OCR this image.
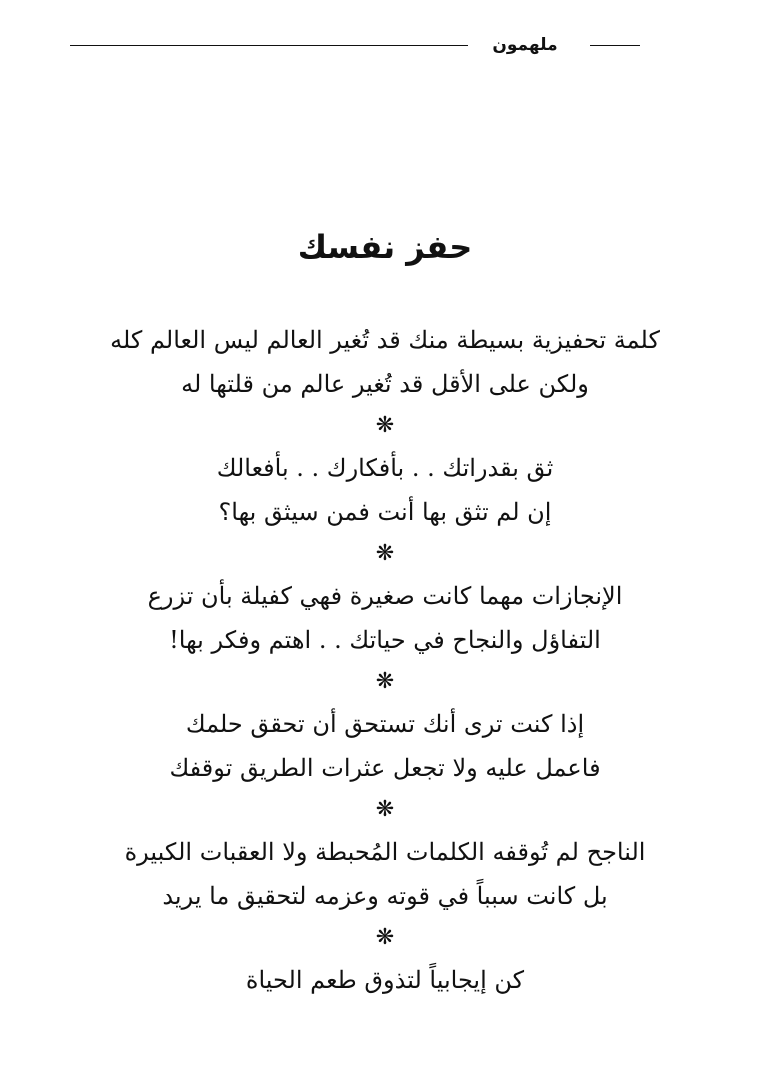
ملهمون
حفز نفسك
كلمة تحفيزية بسيطة منك قد تُغير العالم ليس العالم كله
ولكن على الأقل قد تُغير عالم من قلتها له
❋
ثق بقدراتك . . بأفكارك . . بأفعالك
إن لم تثق بها أنت فمن سيثق بها؟
❋
الإنجازات مهما كانت صغيرة فهي كفيلة بأن تزرع
التفاؤل والنجاح في حياتك . . اهتم وفكر بها!
❋
إذا كنت ترى أنك تستحق أن تحقق حلمك
فاعمل عليه ولا تجعل عثرات الطريق توقفك
❋
الناجح لم تُوقفه الكلمات المُحبطة ولا العقبات الكبيرة
بل كانت سبباً في قوته وعزمه لتحقيق ما يريد
❋
كن إيجابياً لتذوق طعم الحياة
